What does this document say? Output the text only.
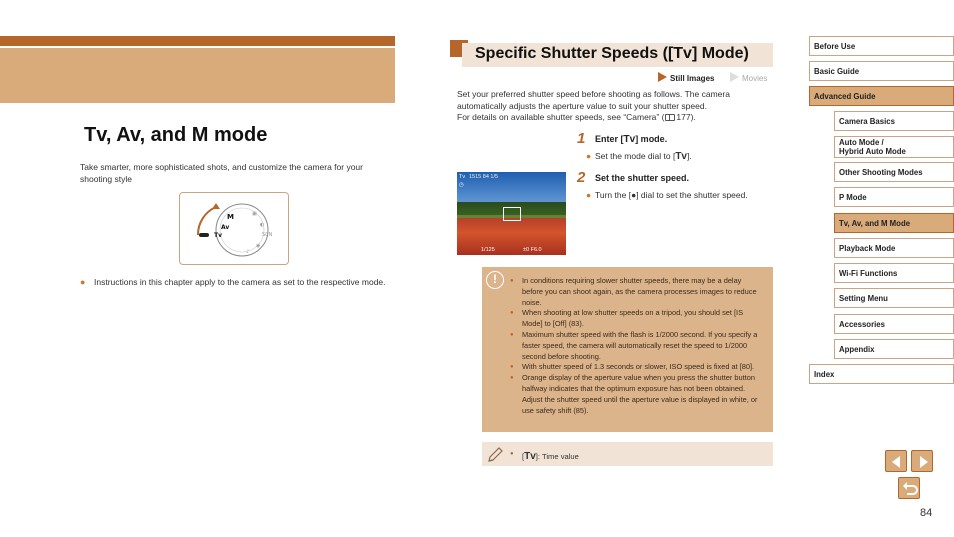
Tv, Av, and M mode
Take smarter, more sophisticated shots, and customize the camera for your shooting style
▣
◐
SCN
◉
♪
M
Av
Tv
● Instructions in this chapter apply to the camera as set to the respective mode.
Specific Shutter Speeds ([Tv] Mode)
Still Images	Movies
Set your preferred shutter speed before shooting as follows. The camera automatically adjusts the aperture value to suit your shutter speed.
For details on available shutter speeds, see “Camera” ( 177).
Tv
◷
1515 84 1/5
1/125	±0 F6.0
1 Enter [Tv] mode.
● Set the mode dial to [Tv].
2 Set the shutter speed.
● Turn the [●] dial to set the shutter speed.
!
●	In conditions requiring slower shutter speeds, there may be a delay before you can shoot again, as the camera processes images to reduce noise.
● When shooting at low shutter speeds on a tripod, you should set [IS Mode] to [Off] (83).
● Maximum shutter speed with the flash is 1/2000 second. If you specify a faster speed, the camera will automatically reset the speed to 1/2000 second before shooting.
● With shutter speed of 1.3 seconds or slower, ISO speed is fixed at [80].
● Orange display of the aperture value when you press the shutter button halfway indicates that the optimum exposure has not been obtained. Adjust the shutter speed until the aperture value is displayed in white, or use safety shift (85).
● [Tv]: Time value
Before Use
Basic Guide
Advanced Guide
Camera Basics
Auto Mode /
Hybrid Auto Mode
Other Shooting Modes
P Mode
Tv, Av, and M Mode
Playback Mode
Wi-Fi Functions
Setting Menu
Accessories
Appendix
Index
84
